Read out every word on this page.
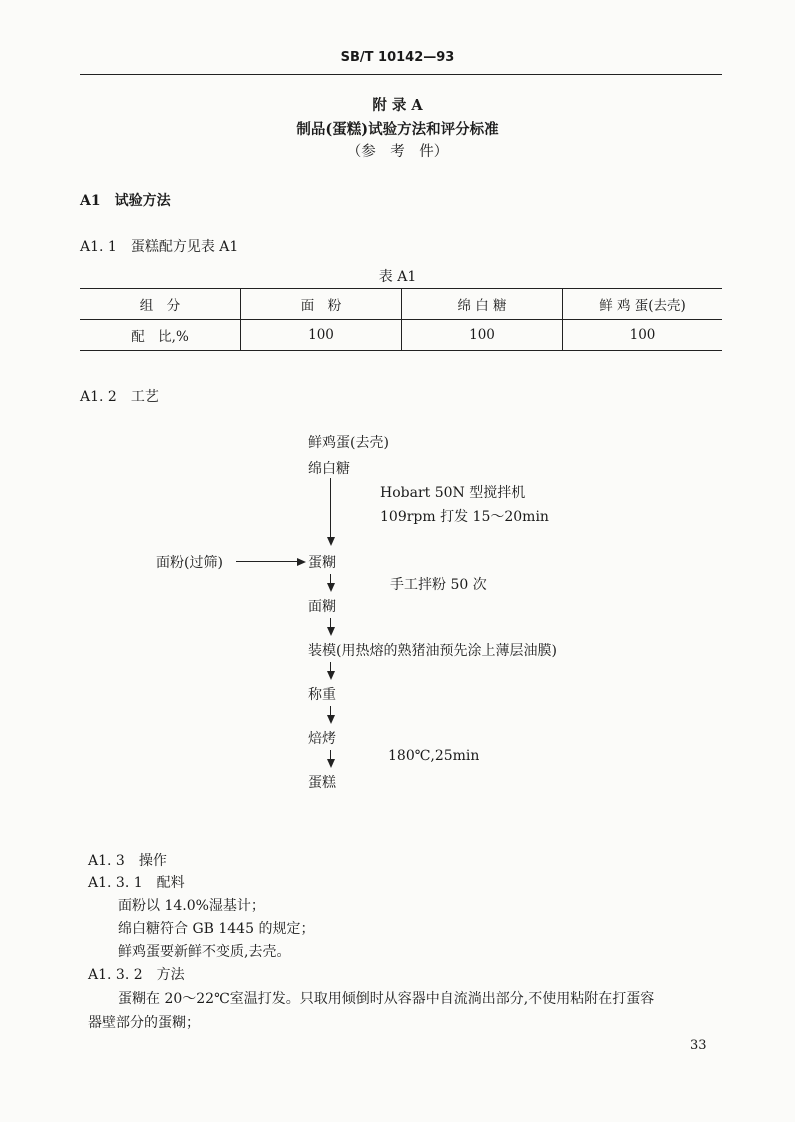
SB/T 10142—93
附 录 A
制品(蛋糕)试验方法和评分标准
（参　考　件）
A1　试验方法
A1. 1　蛋糕配方见表 A1
表 A1
组　分	面　粉	绵 白 糖	鲜 鸡 蛋(去壳)
配　比,%	100	100	100
A1. 2　工艺
鲜鸡蛋(去壳)
绵白糖
Hobart 50N 型搅拌机
109rpm 打发 15～20min
面粉(过筛)	蛋糊
手工拌粉 50 次
面糊
装模(用热熔的熟猪油预先涂上薄层油膜)
称重
焙烤
180℃,25min
蛋糕
A1. 3　操作
A1. 3. 1　配料
面粉以 14.0%湿基计；
绵白糖符合 GB 1445 的规定；
鲜鸡蛋要新鲜不变质,去壳。
A1. 3. 2　方法
蛋糊在 20～22℃室温打发。只取用倾倒时从容器中自流淌出部分,不使用粘附在打蛋容
器壁部分的蛋糊；
33
